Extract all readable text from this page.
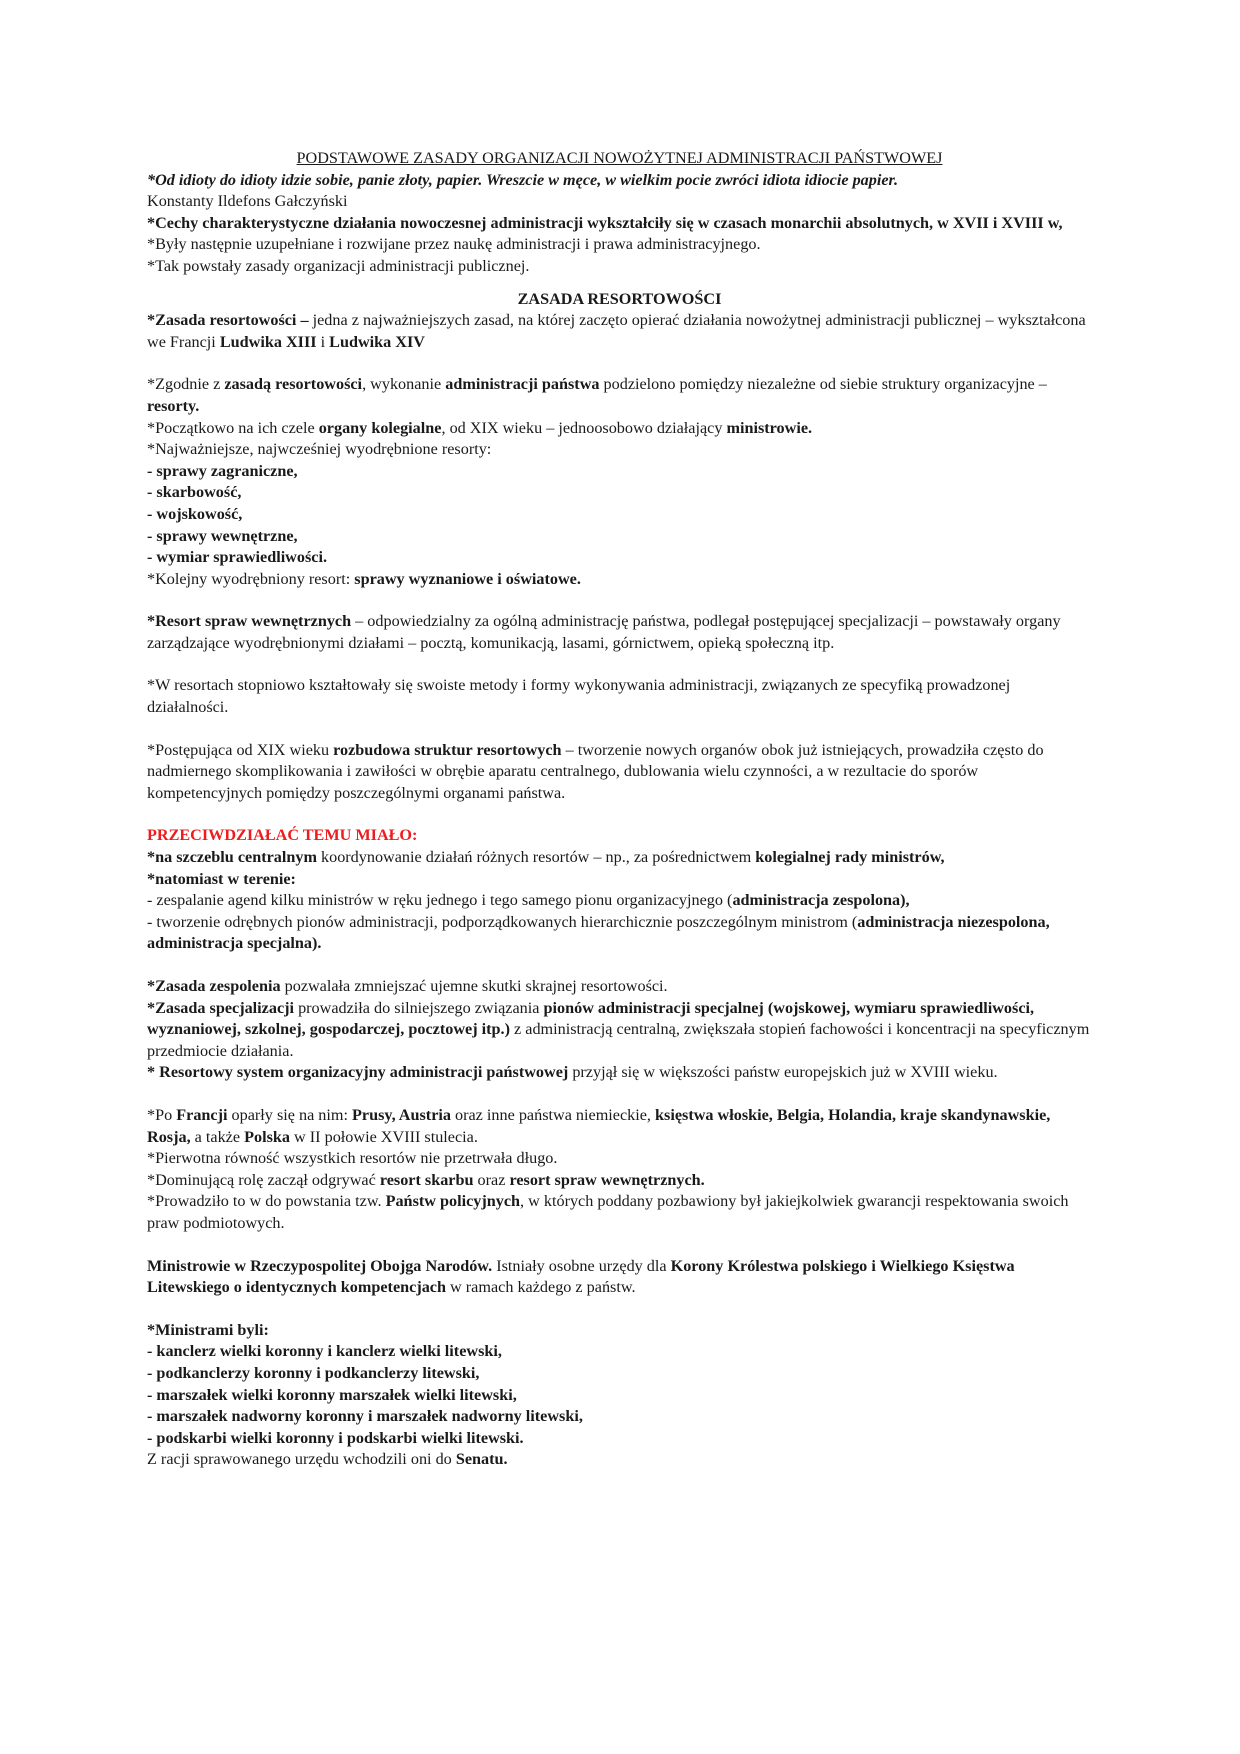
PODSTAWOWE ZASADY ORGANIZACJI NOWOŻYTNEJ ADMINISTRACJI PAŃSTWOWEJ

*Od idioty do idioty idzie sobie, panie złoty, papier. Wreszcie w męce, w wielkim pocie zwróci idiota idiocie papier.

Konstanty Ildefons Gałczyński

*Cechy charakterystyczne działania nowoczesnej administracji wykształciły się w czasach monarchii absolutnych, w XVII i XVIII w,

*Były następnie uzupełniane i rozwijane przez naukę administracji i prawa administracyjnego.

*Tak powstały zasady organizacji administracji publicznej.

ZASADA RESORTOWOŚCI

*Zasada resortowości – jedna z najważniejszych zasad, na której zaczęto opierać działania nowożytnej administracji publicznej – wykształcona we Francji Ludwika XIII i Ludwika XIV

*Zgodnie z zasadą resortowości, wykonanie administracji państwa podzielono pomiędzy niezależne od siebie struktury organizacyjne – resorty.

*Początkowo na ich czele organy kolegialne, od XIX wieku – jednoosobowo działający ministrowie.

*Najważniejsze, najwcześniej wyodrębnione resorty:

- sprawy zagraniczne,

- skarbowość,

- wojskowość,

- sprawy wewnętrzne,

- wymiar sprawiedliwości.

*Kolejny wyodrębniony resort: sprawy wyznaniowe i oświatowe.

*Resort spraw wewnętrznych – odpowiedzialny za ogólną administrację państwa, podlegał postępującej specjalizacji – powstawały organy zarządzające wyodrębnionymi działami – pocztą, komunikacją, lasami, górnictwem, opieką społeczną itp.

*W resortach stopniowo kształtowały się swoiste metody i formy wykonywania administracji, związanych ze specyfiką prowadzonej działalności.

*Postępująca od XIX wieku rozbudowa struktur resortowych – tworzenie nowych organów obok już istniejących, prowadziła często do nadmiernego skomplikowania i zawiłości w obrębie aparatu centralnego, dublowania wielu czynności, a w rezultacie do sporów kompetencyjnych pomiędzy poszczególnymi organami państwa.

PRZECIWDZIAŁAĆ TEMU MIAŁO:

*na szczeblu centralnym koordynowanie działań różnych resortów – np., za pośrednictwem kolegialnej rady ministrów,

*natomiast w terenie:

- zespalanie agend kilku ministrów w ręku jednego i tego samego pionu organizacyjnego (administracja zespolona),

- tworzenie odrębnych pionów administracji, podporządkowanych hierarchicznie poszczególnym ministrom (administracja niezespolona, administracja specjalna).

*Zasada zespolenia pozwalała zmniejszać ujemne skutki skrajnej resortowości.

*Zasada specjalizacji prowadziła do silniejszego związania pionów administracji specjalnej (wojskowej, wymiaru sprawiedliwości, wyznaniowej, szkolnej, gospodarczej, pocztowej itp.) z administracją centralną, zwiększała stopień fachowości i koncentracji na specyficznym przedmiocie działania.

* Resortowy system organizacyjny administracji państwowej przyjął się w większości państw europejskich już w XVIII wieku.

*Po Francji oparły się na nim: Prusy, Austria oraz inne państwa niemieckie, księstwa włoskie, Belgia, Holandia, kraje skandynawskie, Rosja, a także Polska w II połowie XVIII stulecia.

*Pierwotna równość wszystkich resortów nie przetrwała długo.

*Dominującą rolę zaczął odgrywać resort skarbu oraz resort spraw wewnętrznych.

*Prowadziło to w do powstania tzw. Państw policyjnych, w których poddany pozbawiony był jakiejkolwiek gwarancji respektowania swoich praw podmiotowych.

Ministrowie w Rzeczypospolitej Obojga Narodów. Istniały osobne urzędy dla Korony Królestwa polskiego i Wielkiego Księstwa Litewskiego o identycznych kompetencjach w ramach każdego z państw.

*Ministrami byli:

- kanclerz wielki koronny i kanclerz wielki litewski,

- podkanclerzy koronny i podkanclerzy litewski,

- marszałek wielki koronny marszałek wielki litewski,

- marszałek nadworny koronny i marszałek nadworny litewski,

- podskarbi wielki koronny i podskarbi wielki litewski.

Z racji sprawowanego urzędu wchodzili oni do Senatu.
